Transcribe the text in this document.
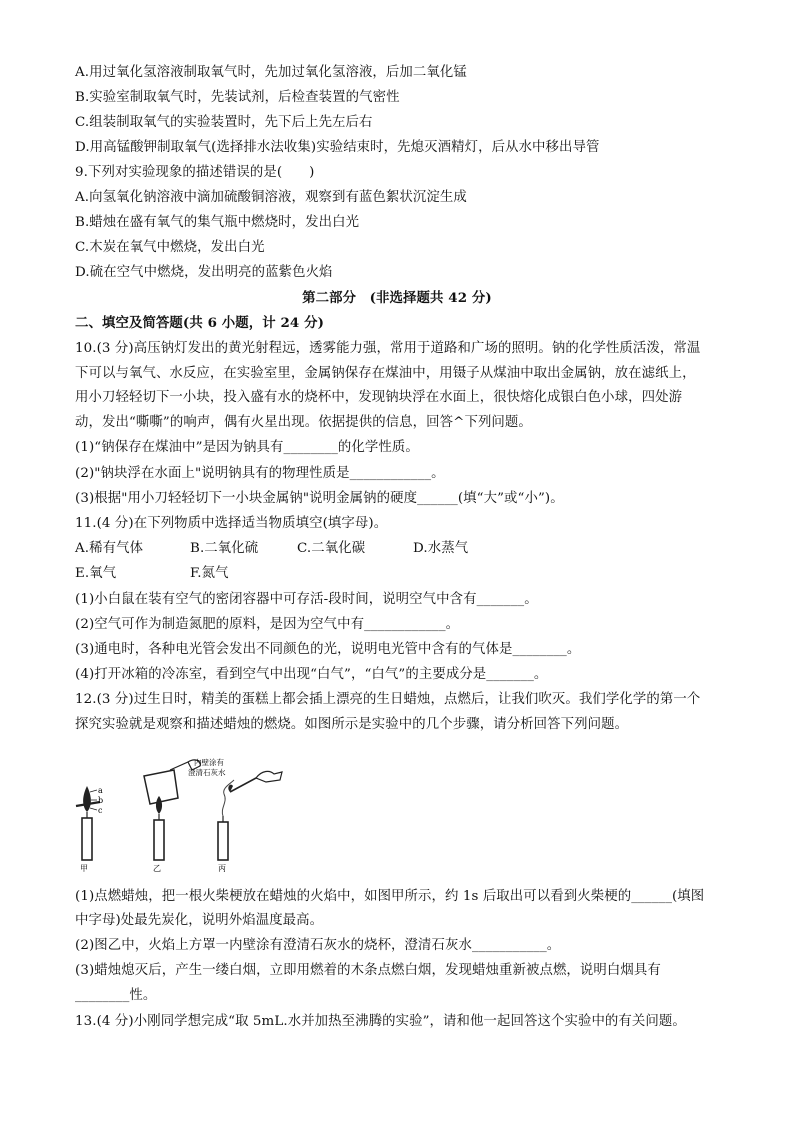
A.用过氧化氢溶液制取氧气时，先加过氧化氢溶液，后加二氧化锰
B.实验室制取氧气时，先装试剂，后检查装置的气密性
C.组装制取氧气的实验装置时，先下后上先左后右
D.用高锰酸钾制取氧气(选择排水法收集)实验结束时，先熄灭酒精灯，后从水中移出导管
9.下列对实验现象的描述错误的是(　　)
A.向氢氧化钠溶液中滴加硫酸铜溶液，观察到有蓝色絮状沉淀生成
B.蜡烛在盛有氧气的集气瓶中燃烧时，发出白光
C.木炭在氧气中燃烧，发出白光
D.硫在空气中燃烧，发出明亮的蓝紫色火焰
第二部分　(非选择题共 42 分)
二、填空及简答题(共 6 小题，计 24 分)
10.(3 分)高压钠灯发出的黄光射程远，透雾能力强，常用于道路和广场的照明。钠的化学性质活泼，常温
下可以与氧气、水反应，在实验室里，金属钠保存在煤油中，用镊子从煤油中取出金属钠，放在滤纸上，
用小刀轻轻切下一小块，投入盛有水的烧杯中，发现钠块浮在水面上，很快熔化成银白色小球，四处游
动，发出“嘶嘶”的响声，偶有火星出现。依据提供的信息，回答^下列问题。
(1)“钠保存在煤油中”是因为钠具有________的化学性质。
(2)"钠块浮在水面上"说明钠具有的物理性质是____________。
(3)根据"用小刀轻轻切下一小块金属钠"说明金属钠的硬度______(填“大”或“小”)。
11.(4 分)在下列物质中选择适当物质填空(填字母)。
A.稀有气体	B.二氧化硫	C.二氧化碳	D.水蒸气
E.氧气	F.氮气
(1)小白鼠在装有空气的密闭容器中可存活-段时间，说明空气中含有_______。
(2)空气可作为制造氮肥的原料，是因为空气中有____________。
(3)通电时，各种电光管会发出不同颜色的光，说明电光管中含有的气体是________。
(4)打开冰箱的冷冻室，看到空气中出现“白气”，“白气”的主要成分是_______。
12.(3 分)过生日时，精美的蛋糕上都会插上漂亮的生日蜡烛，点燃后，让我们吹灭。我们学化学的第一个
探究实验就是观察和描述蜡烛的燃烧。如图所示是实验中的几个步骤，请分析回答下列问题。
a
b
c
甲	乙	丙
内壁涂有
澄清石灰水
(1)点燃蜡烛，把一根火柴梗放在蜡烛的火焰中，如图甲所示，约 1s 后取出可以看到火柴梗的______(填图
中字母)处最先炭化，说明外焰温度最高。
(2)图乙中，火焰上方罩一内壁涂有澄清石灰水的烧杯，澄清石灰水___________。
(3)蜡烛熄灭后，产生一缕白烟，立即用燃着的木条点燃白烟，发现蜡烛重新被点燃，说明白烟具有
________性。
13.(4 分)小刚同学想完成“取 5mL.水并加热至沸腾的实验”，请和他一起回答这个实验中的有关问题。
